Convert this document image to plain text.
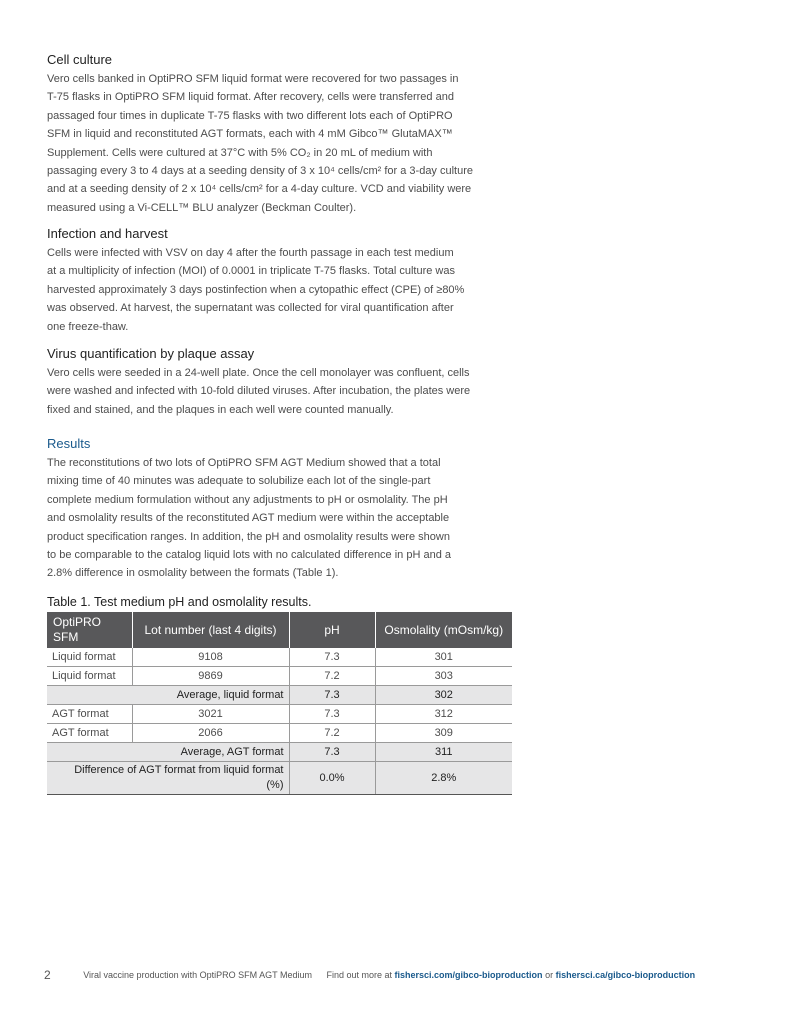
Cell culture

Vero cells banked in OptiPRO SFM liquid format were recovered for two passages in
T-75 flasks in OptiPRO SFM liquid format. After recovery, cells were transferred and
passaged four times in duplicate T-75 flasks with two different lots each of OptiPRO
SFM in liquid and reconstituted AGT formats, each with 4 mM Gibco™ GlutaMAX™
Supplement. Cells were cultured at 37°C with 5% CO₂ in 20 mL of medium with
passaging every 3 to 4 days at a seeding density of 3 x 10⁴ cells/cm² for a 3-day culture
and at a seeding density of 2 x 10⁴ cells/cm² for a 4-day culture. VCD and viability were
measured using a Vi-CELL™ BLU analyzer (Beckman Coulter).

Infection and harvest

Cells were infected with VSV on day 4 after the fourth passage in each test medium
at a multiplicity of infection (MOI) of 0.0001 in triplicate T-75 flasks. Total culture was
harvested approximately 3 days postinfection when a cytopathic effect (CPE) of ≥80%
was observed. At harvest, the supernatant was collected for viral quantification after
one freeze-thaw.

Virus quantification by plaque assay

Vero cells were seeded in a 24-well plate. Once the cell monolayer was confluent, cells
were washed and infected with 10-fold diluted viruses. After incubation, the plates were
fixed and stained, and the plaques in each well were counted manually.

Results

The reconstitutions of two lots of OptiPRO SFM AGT Medium showed that a total
mixing time of 40 minutes was adequate to solubilize each lot of the single-part
complete medium formulation without any adjustments to pH or osmolality. The pH
and osmolality results of the reconstituted AGT medium were within the acceptable
product specification ranges. In addition, the pH and osmolality results were shown
to be comparable to the catalog liquid lots with no calculated difference in pH and a
2.8% difference in osmolality between the formats (Table 1).

Table 1. Test medium pH and osmolality results.
OptiPRO SFM	Lot number (last 4 digits)	pH	Osmolality (mOsm/kg)
Liquid format	9108	7.3	301
Liquid format	9869	7.2	303
Average, liquid format		7.3	302
AGT format	3021	7.3	312
AGT format	2066	7.2	309
Average, AGT format		7.3	311

Difference of AGT format from liquid format (%)		0.0%	2.8%
2	Viral vaccine production with OptiPRO SFM AGT Medium Find out more at fishersci.com/gibco-bioproduction or fishersci.ca/gibco-bioproduction
